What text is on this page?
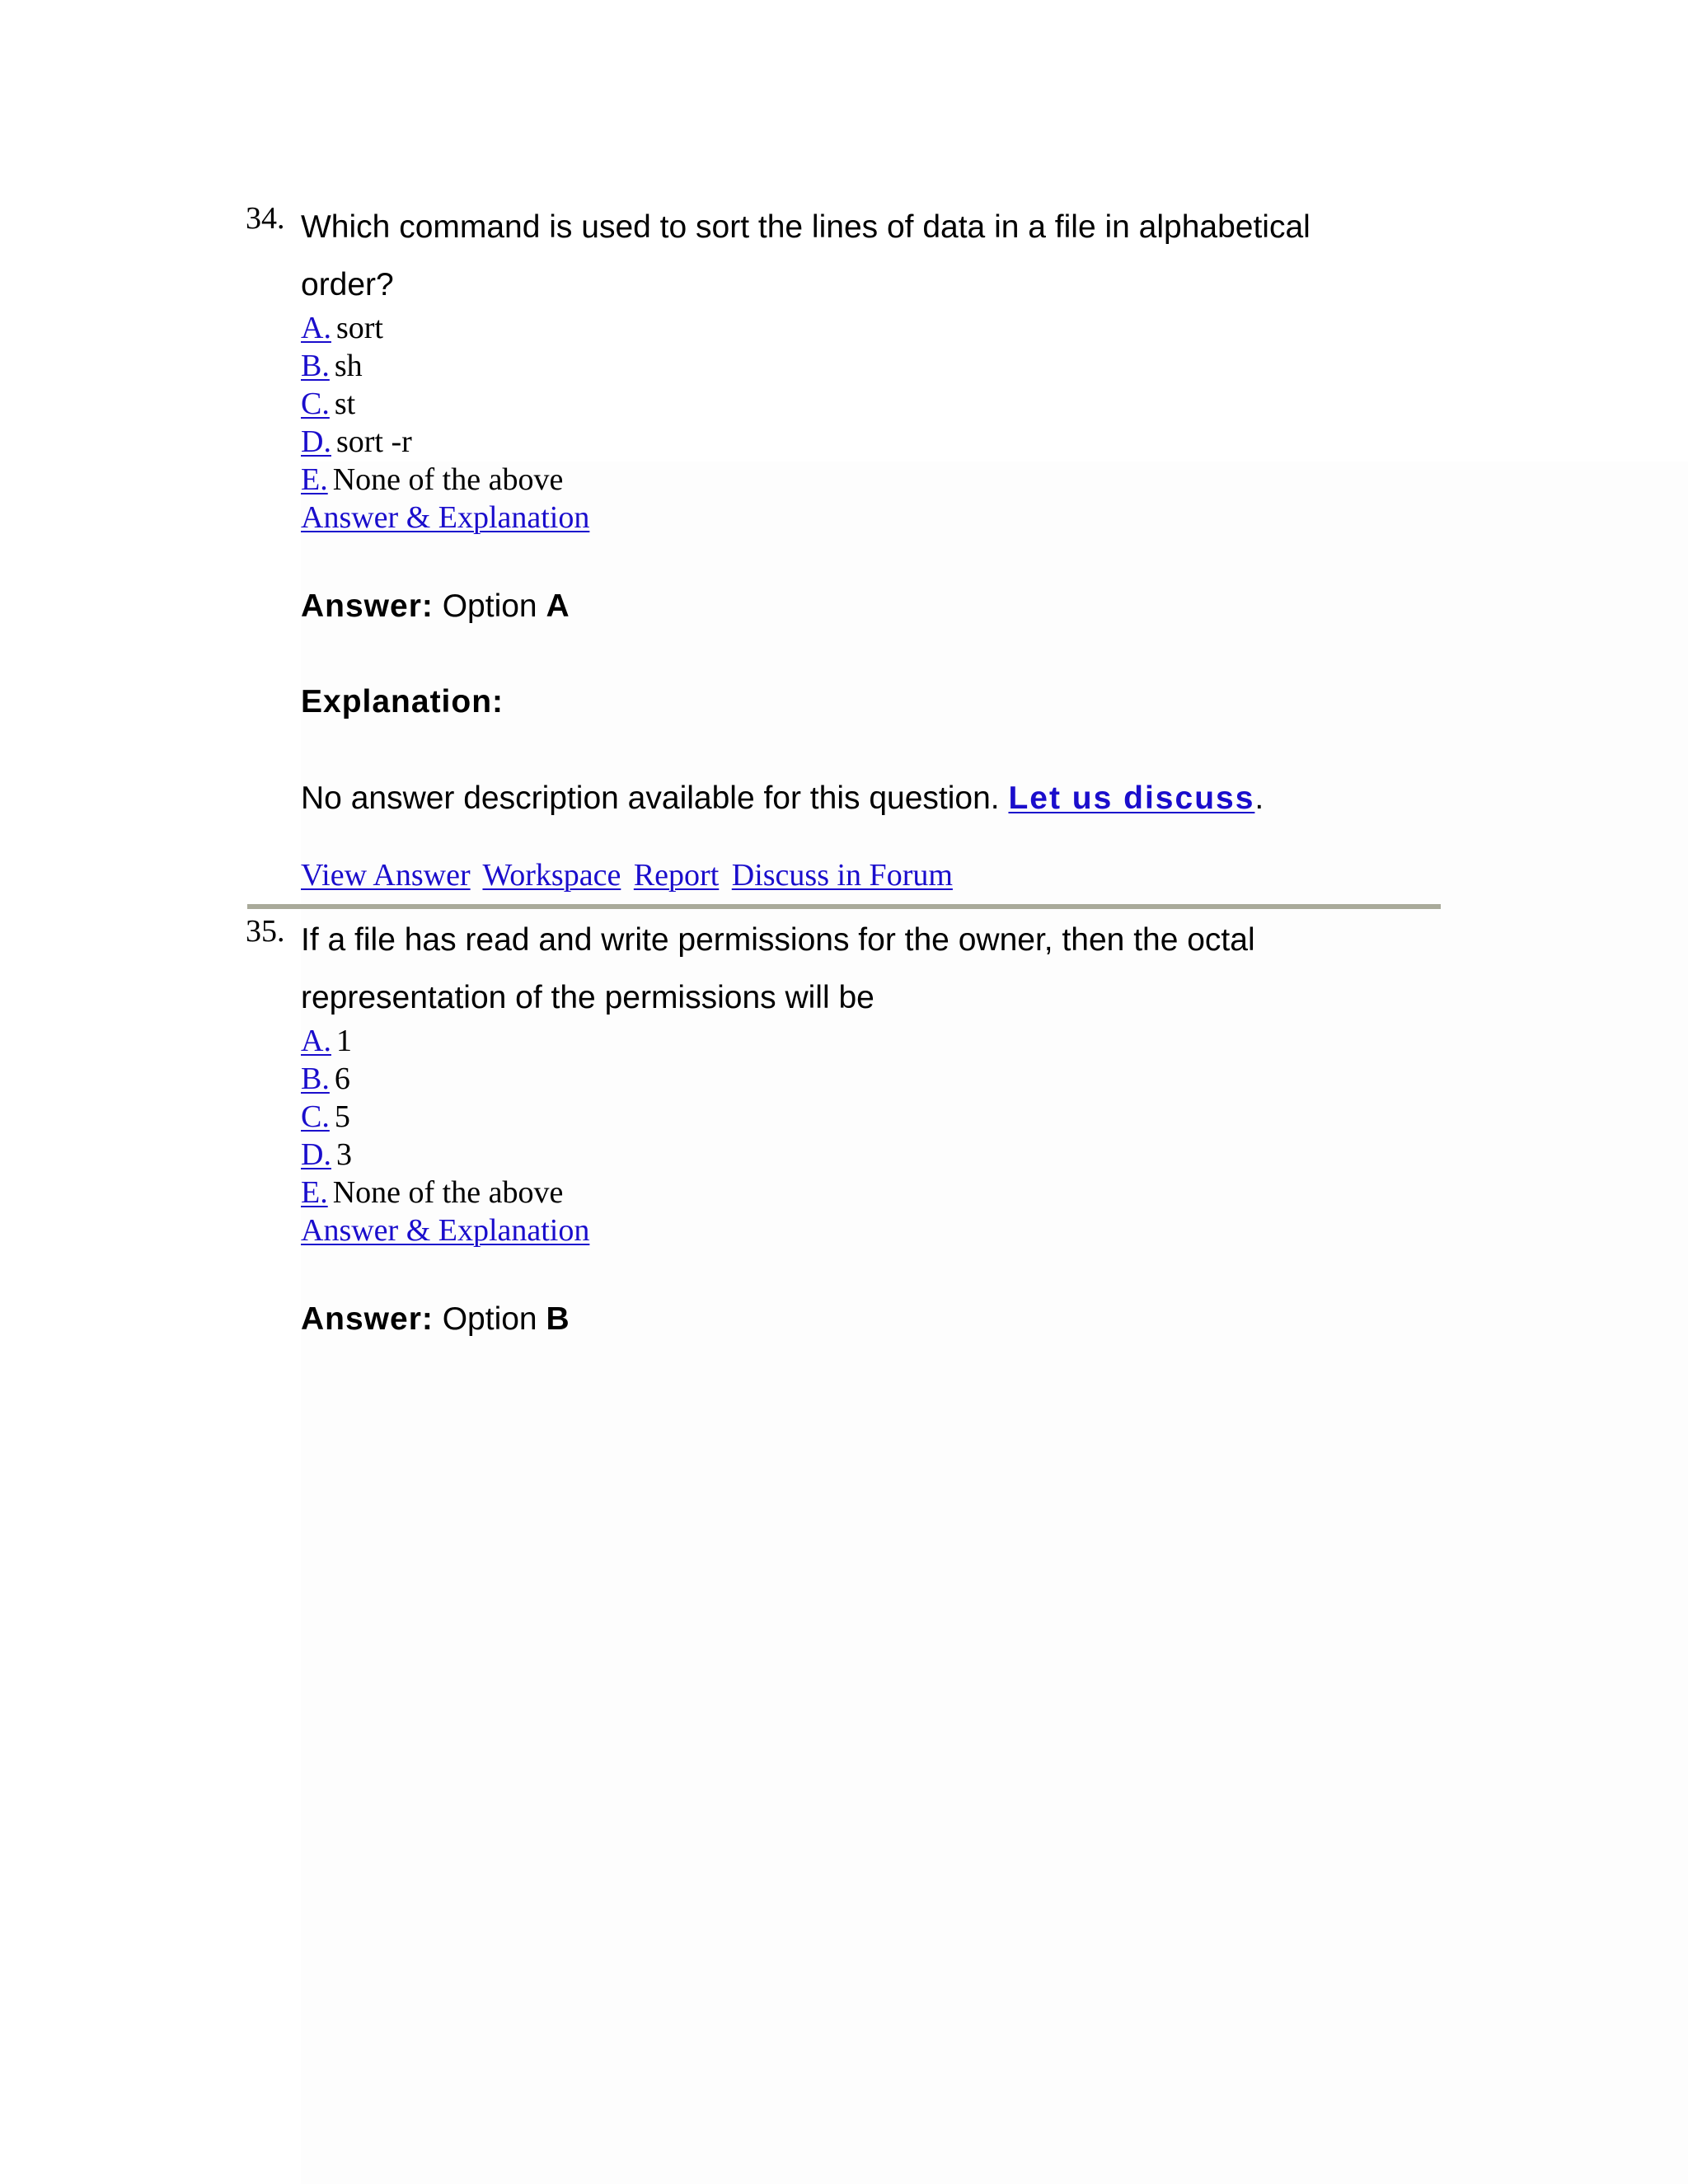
34. Which command is used to sort the lines of data in a file in alphabetical order?
A. sort
B. sh
C. st
D. sort -r
E. None of the above
Answer & Explanation
Answer: Option A
Explanation:
No answer description available for this question. Let us discuss.
View Answer Workspace Report Discuss in Forum
35. If a file has read and write permissions for the owner, then the octal representation of the permissions will be
A. 1
B. 6
C. 5
D. 3
E. None of the above
Answer & Explanation
Answer: Option B
